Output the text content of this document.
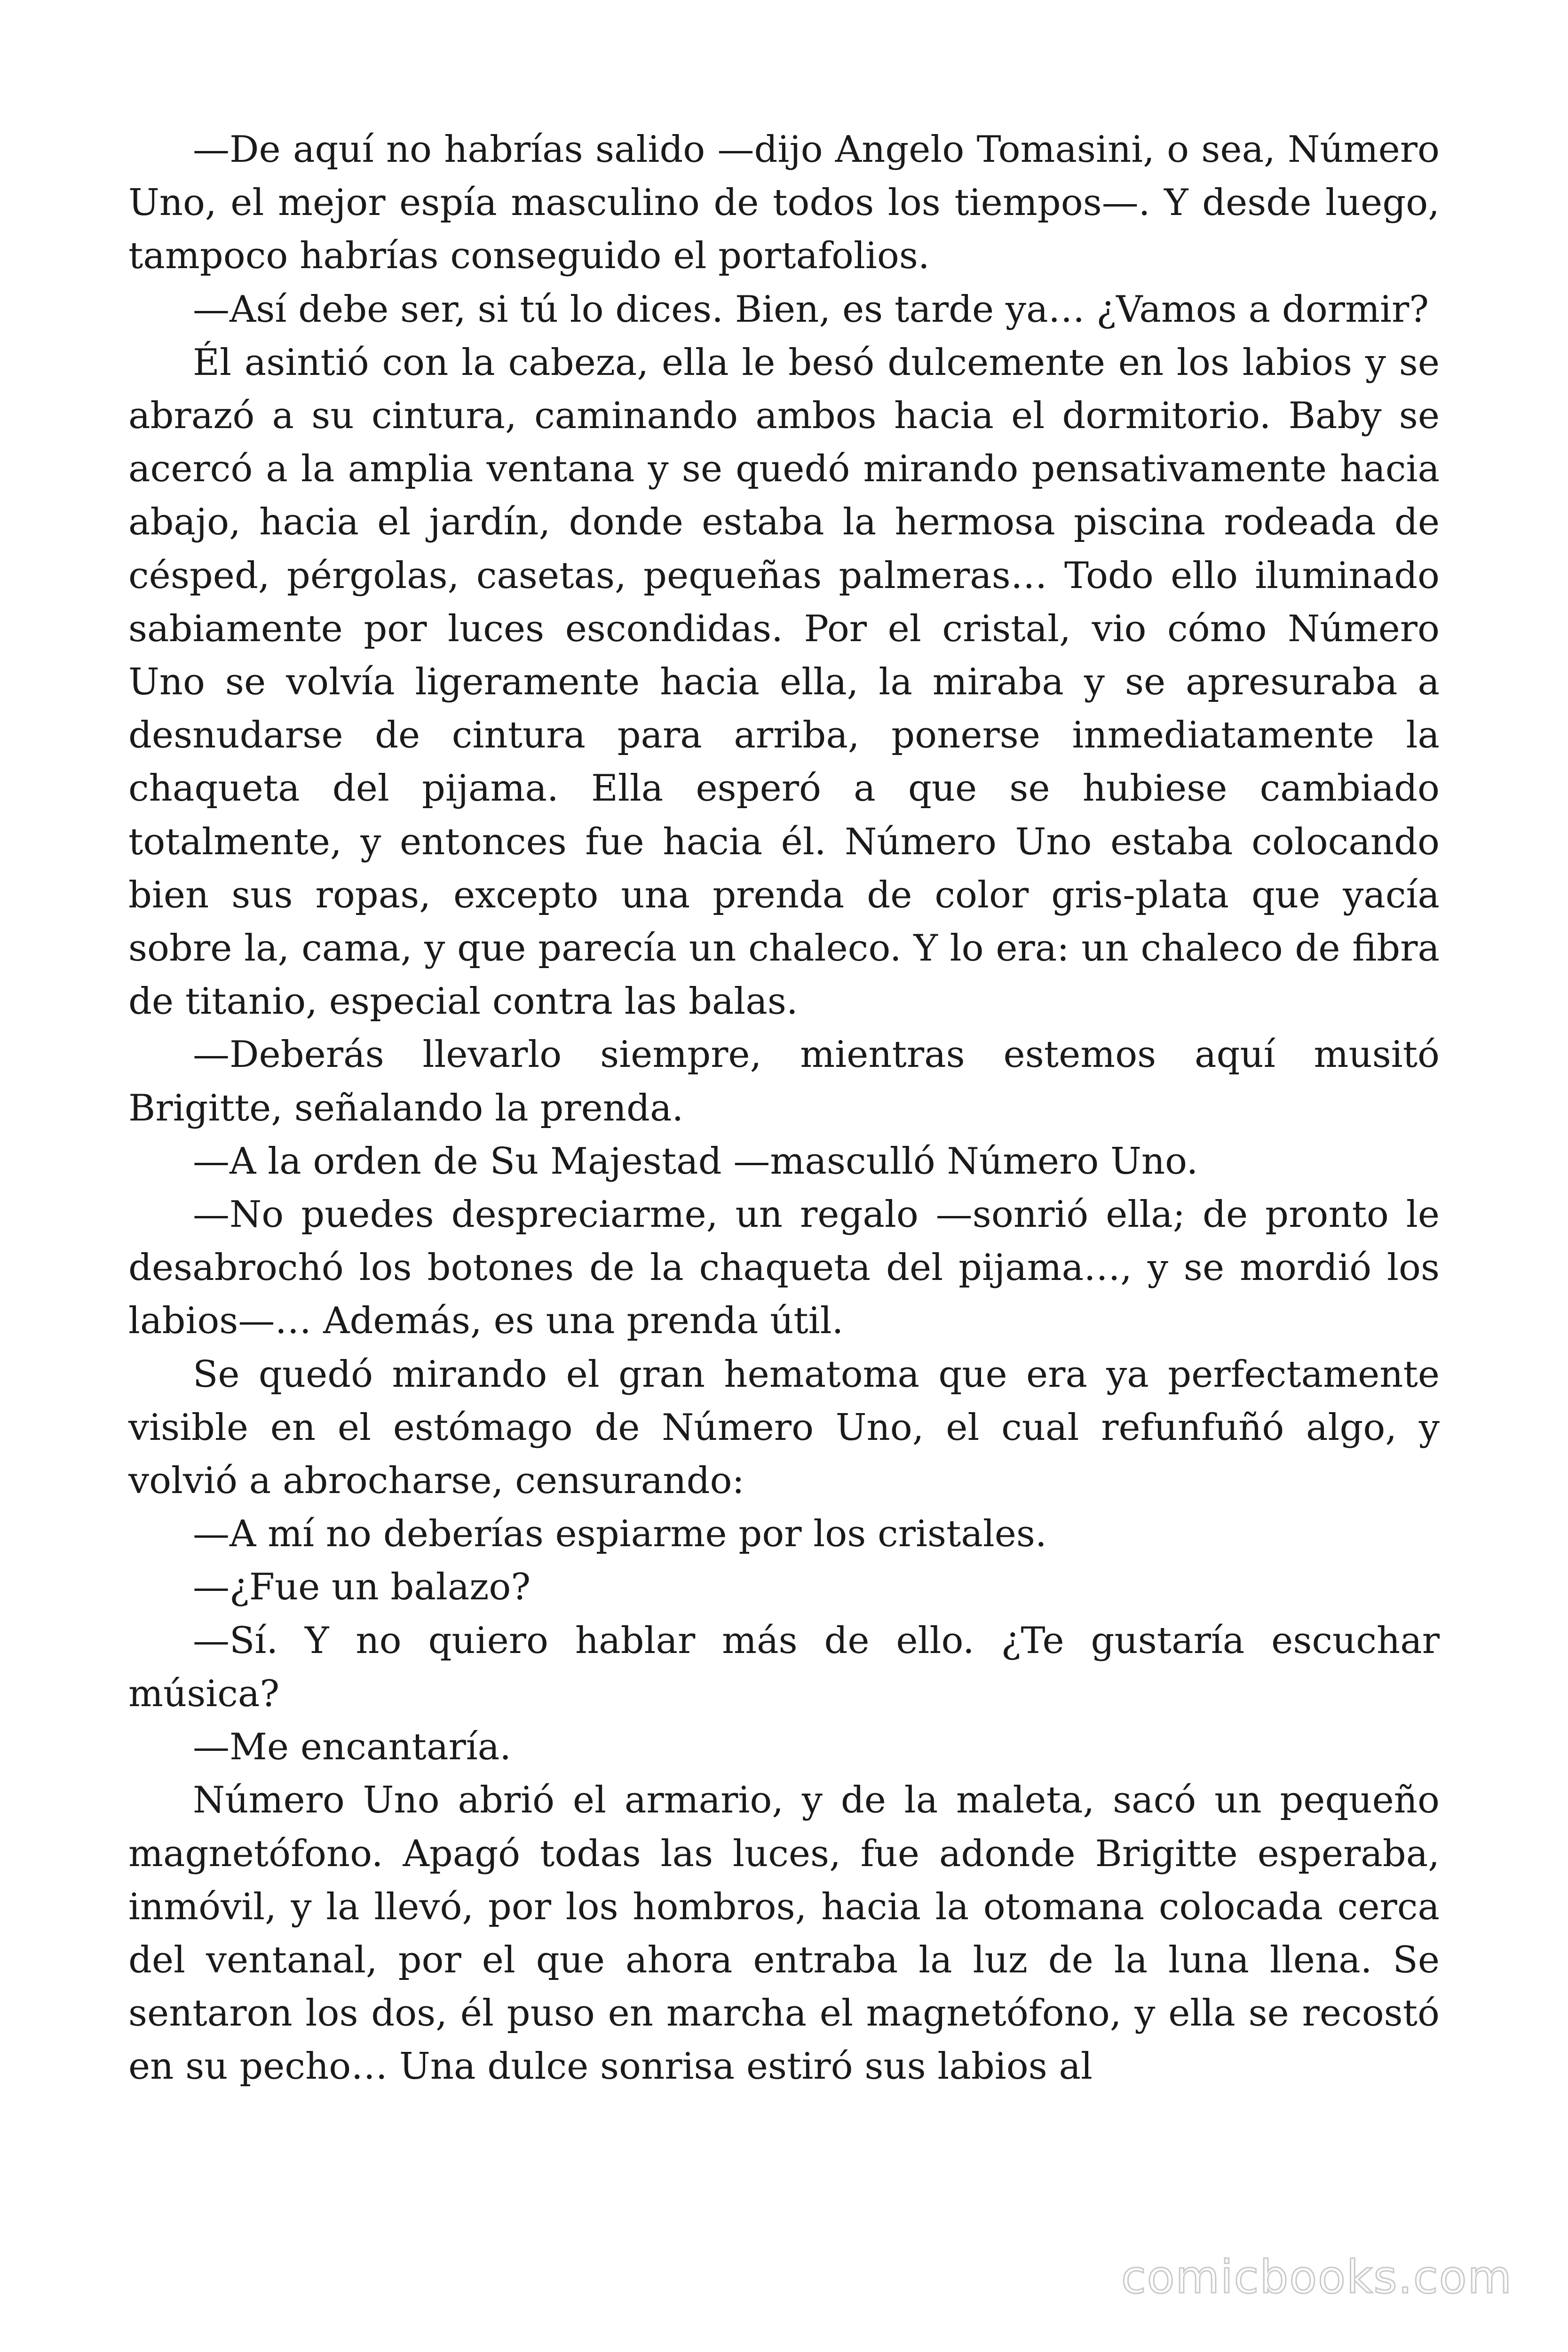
—De aquí no habrías salido —dijo Angelo Tomasini, o sea, Número Uno, el mejor espía masculino de todos los tiempos—. Y desde luego, tampoco habrías conseguido el portafolios.

—Así debe ser, si tú lo dices. Bien, es tarde ya… ¿Vamos a dormir?

Él asintió con la cabeza, ella le besó dulcemente en los labios y se abrazó a su cintura, caminando ambos hacia el dormitorio. Baby se acercó a la amplia ventana y se quedó mirando pensativamente hacia abajo, hacia el jardín, donde estaba la hermosa piscina rodeada de césped, pérgolas, casetas, pequeñas palmeras… Todo ello iluminado sabiamente por luces escondidas. Por el cristal, vio cómo Número Uno se volvía ligeramente hacia ella, la miraba y se apresuraba a desnudarse de cintura para arriba, ponerse inmediatamente la chaqueta del pijama. Ella esperó a que se hubiese cambiado totalmente, y entonces fue hacia él. Número Uno estaba colocando bien sus ropas, excepto una prenda de color gris-plata que yacía sobre la, cama, y que parecía un chaleco. Y lo era: un chaleco de fibra de titanio, especial contra las balas.

—Deberás llevarlo siempre, mientras estemos aquí musitó Brigitte, señalando la prenda.

—A la orden de Su Majestad —masculló Número Uno.

—No puedes despreciarme, un regalo —sonrió ella; de pronto le desabrochó los botones de la chaqueta del pijama…, y se mordió los labios—… Además, es una prenda útil.

Se quedó mirando el gran hematoma que era ya perfectamente visible en el estómago de Número Uno, el cual refunfuñó algo, y volvió a abrocharse, censurando:

—A mí no deberías espiarme por los cristales.

—¿Fue un balazo?

—Sí. Y no quiero hablar más de ello. ¿Te gustaría escuchar música?

—Me encantaría.

Número Uno abrió el armario, y de la maleta, sacó un pequeño magnetófono. Apagó todas las luces, fue adonde Brigitte esperaba, inmóvil, y la llevó, por los hombros, hacia la otomana colocada cerca del ventanal, por el que ahora entraba la luz de la luna llena. Se sentaron los dos, él puso en marcha el magnetófono, y ella se recostó en su pecho… Una dulce sonrisa estiró sus labios al

comicbooks.com
